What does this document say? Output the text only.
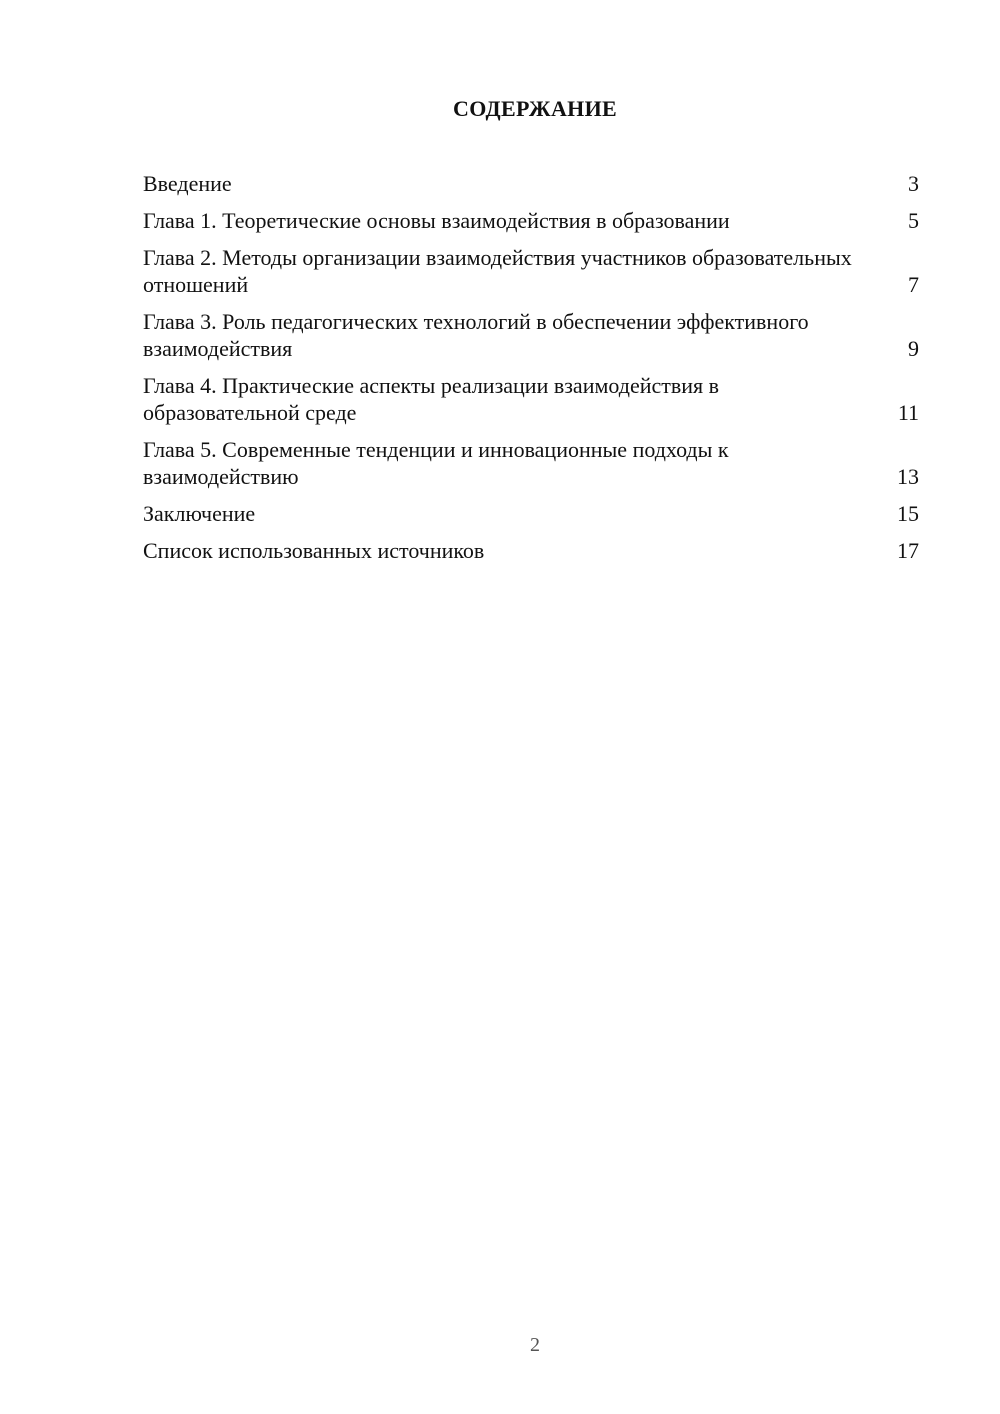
СОДЕРЖАНИЕ
Введение	3
Глава 1. Теоретические основы взаимодействия в образовании	5
Глава 2. Методы организации взаимодействия участников образовательных отношений	7
Глава 3. Роль педагогических технологий в обеспечении эффективного взаимодействия	9
Глава 4. Практические аспекты реализации взаимодействия в образовательной среде	11
Глава 5. Современные тенденции и инновационные подходы к взаимодействию	13
Заключение	15
Список использованных источников	17
2
